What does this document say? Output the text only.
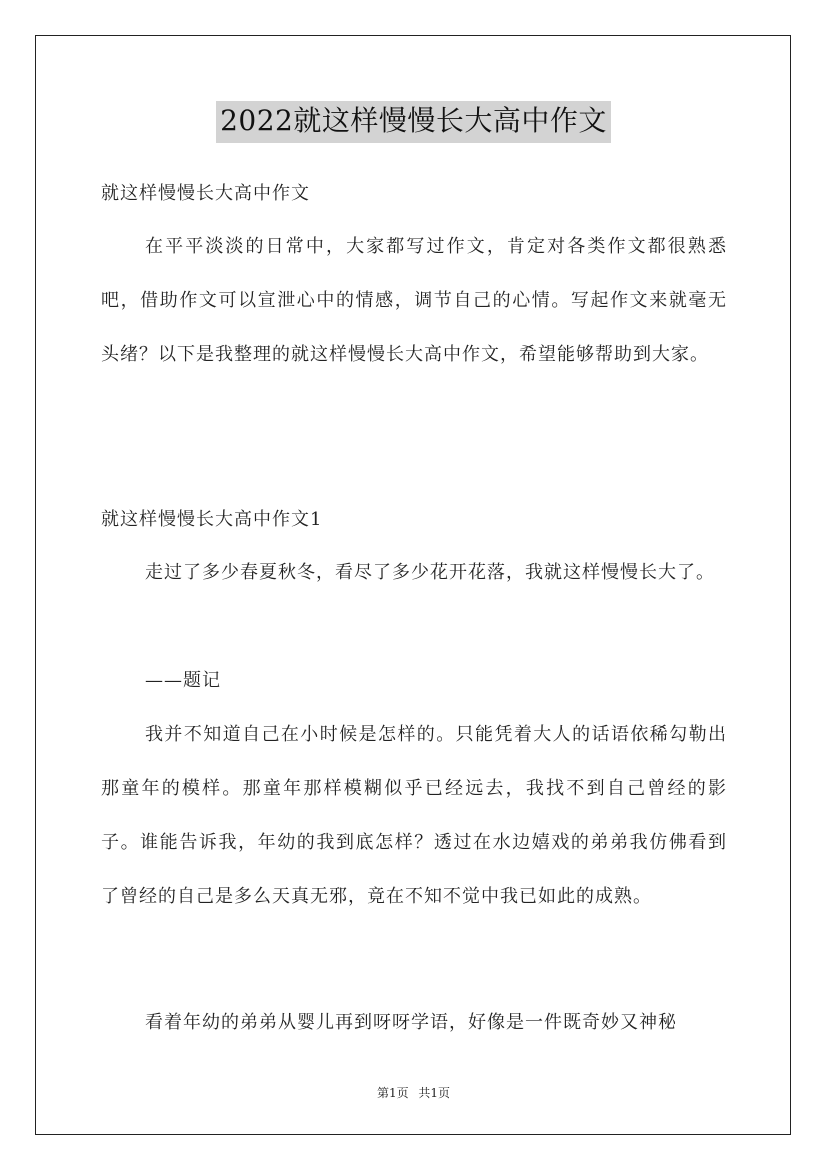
2022就这样慢慢长大高中作文

就这样慢慢长大高中作文

在平平淡淡的日常中，大家都写过作文，肯定对各类作文都很熟悉吧，借助作文可以宣泄心中的情感，调节自己的心情。写起作文来就毫无头绪？以下是我整理的就这样慢慢长大高中作文，希望能够帮助到大家。

就这样慢慢长大高中作文1

走过了多少春夏秋冬，看尽了多少花开花落，我就这样慢慢长大了。

——题记

我并不知道自己在小时候是怎样的。只能凭着大人的话语依稀勾勒出那童年的模样。那童年那样模糊似乎已经远去，我找不到自己曾经的影子。谁能告诉我，年幼的我到底怎样？透过在水边嬉戏的弟弟我仿佛看到了曾经的自己是多么天真无邪，竟在不知不觉中我已如此的成熟。

看着年幼的弟弟从婴儿再到呀呀学语，好像是一件既奇妙又神秘

第1页 共1页
